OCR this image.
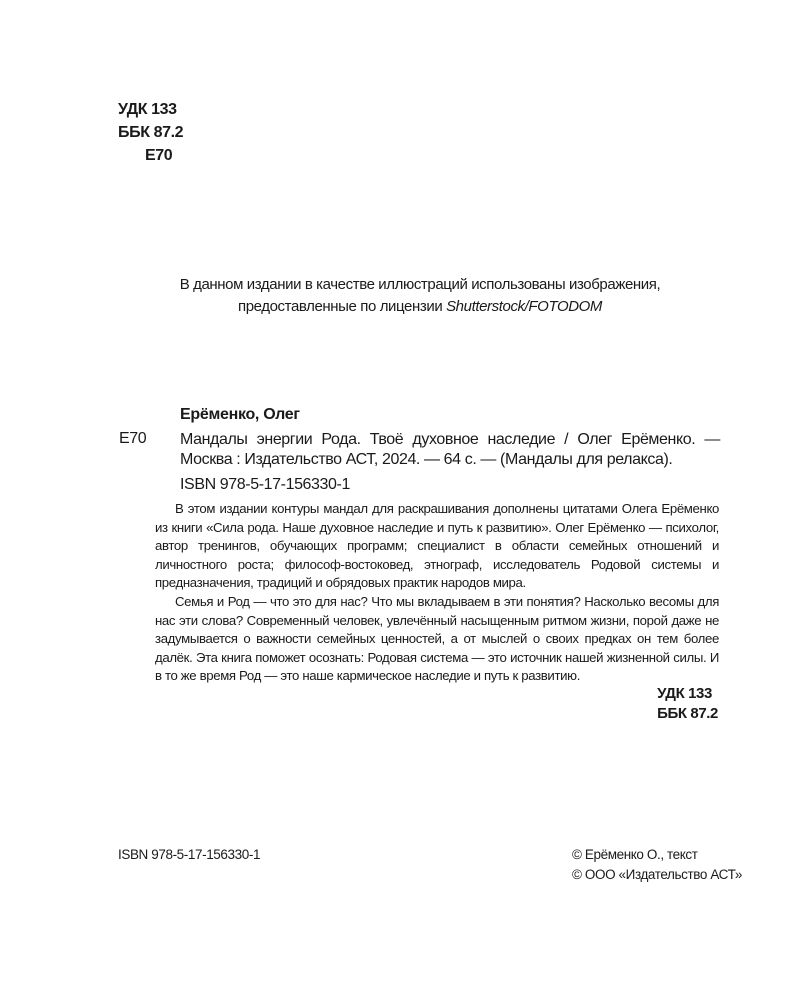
УДК 133
ББК 87.2
Е70
В данном издании в качестве иллюстраций использованы изображения,
предоставленные по лицензии Shutterstock/FOTODOM
Ерёменко, Олег
Е70 Мандалы энергии Рода. Твоё духовное наследие / Олег Ерёменко. — Москва : Издательство АСТ, 2024. — 64 с. — (Мандалы для релакса).
ISBN 978-5-17-156330-1

В этом издании контуры мандал для раскрашивания дополнены цитатами Олега Ерёменко из книги «Сила рода. Наше духовное наследие и путь к развитию». Олег Ерёменко — психолог, автор тренингов, обучающих программ; специалист в области семейных отношений и личностного роста; философ-востоковед, этнограф, исследователь Родовой системы и предназначения, традиций и обрядовых практик народов мира.

Семья и Род — что это для нас? Что мы вкладываем в эти понятия? Насколько весомы для нас эти слова? Современный человек, увлечённый насыщенным ритмом жизни, порой даже не задумывается о важности семейных ценностей, а от мыслей о своих предках он тем более далёк. Эта книга поможет осознать: Родовая система — это источник нашей жизненной силы. И в то же время Род — это наше кармическое наследие и путь к развитию.

УДК 133
ББК 87.2
ISBN 978-5-17-156330-1	© Ерёменко О., текст
© ООО «Издательство АСТ»
